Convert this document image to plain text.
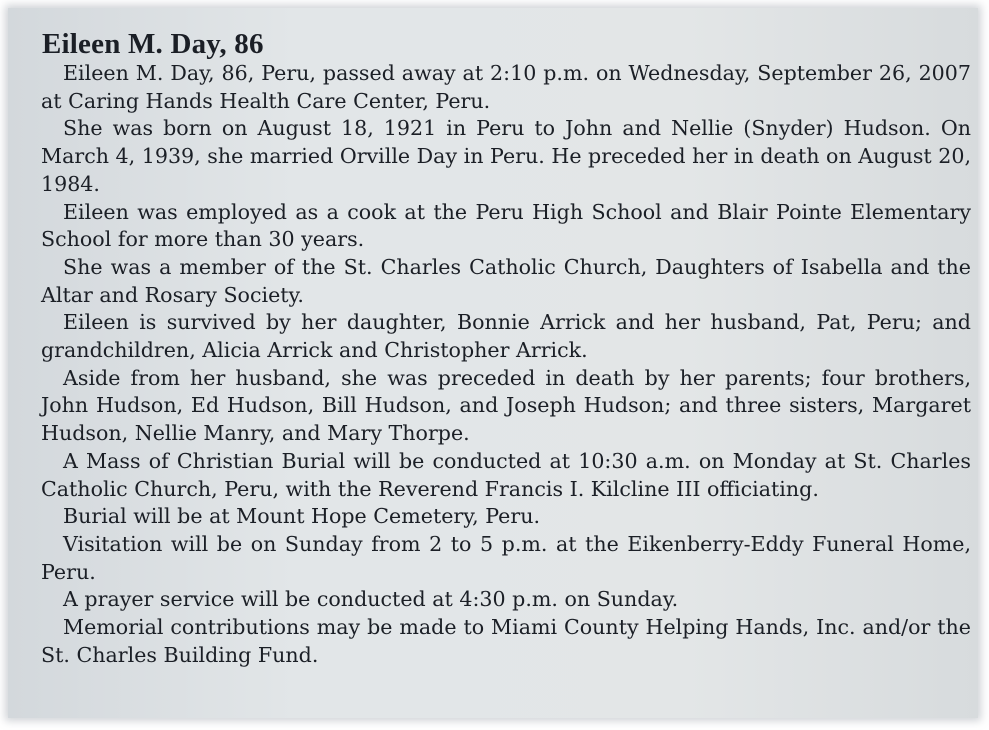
Eileen M. Day, 86

Eileen M. Day, 86, Peru, passed away at 2:10 p.m. on Wednesday, September 26, 2007 at Caring Hands Health Care Center, Peru.

She was born on August 18, 1921 in Peru to John and Nellie (Snyder) Hudson. On March 4, 1939, she married Orville Day in Peru. He preceded her in death on August 20, 1984.

Eileen was employed as a cook at the Peru High School and Blair Pointe Elementary School for more than 30 years.

She was a member of the St. Charles Catholic Church, Daughters of Isabella and the Altar and Rosary Society.

Eileen is survived by her daughter, Bonnie Arrick and her husband, Pat, Peru; and grandchildren, Alicia Arrick and Christopher Arrick.

Aside from her husband, she was preceded in death by her parents; four brothers, John Hudson, Ed Hudson, Bill Hudson, and Joseph Hudson; and three sisters, Margaret Hudson, Nellie Manry, and Mary Thorpe.

A Mass of Christian Burial will be conducted at 10:30 a.m. on Monday at St. Charles Catholic Church, Peru, with the Reverend Francis I. Kilcline III officiating.

Burial will be at Mount Hope Cemetery, Peru.

Visitation will be on Sunday from 2 to 5 p.m. at the Eikenberry-Eddy Funeral Home, Peru.

A prayer service will be conducted at 4:30 p.m. on Sunday.

Memorial contributions may be made to Miami County Helping Hands, Inc. and/or the St. Charles Building Fund.
